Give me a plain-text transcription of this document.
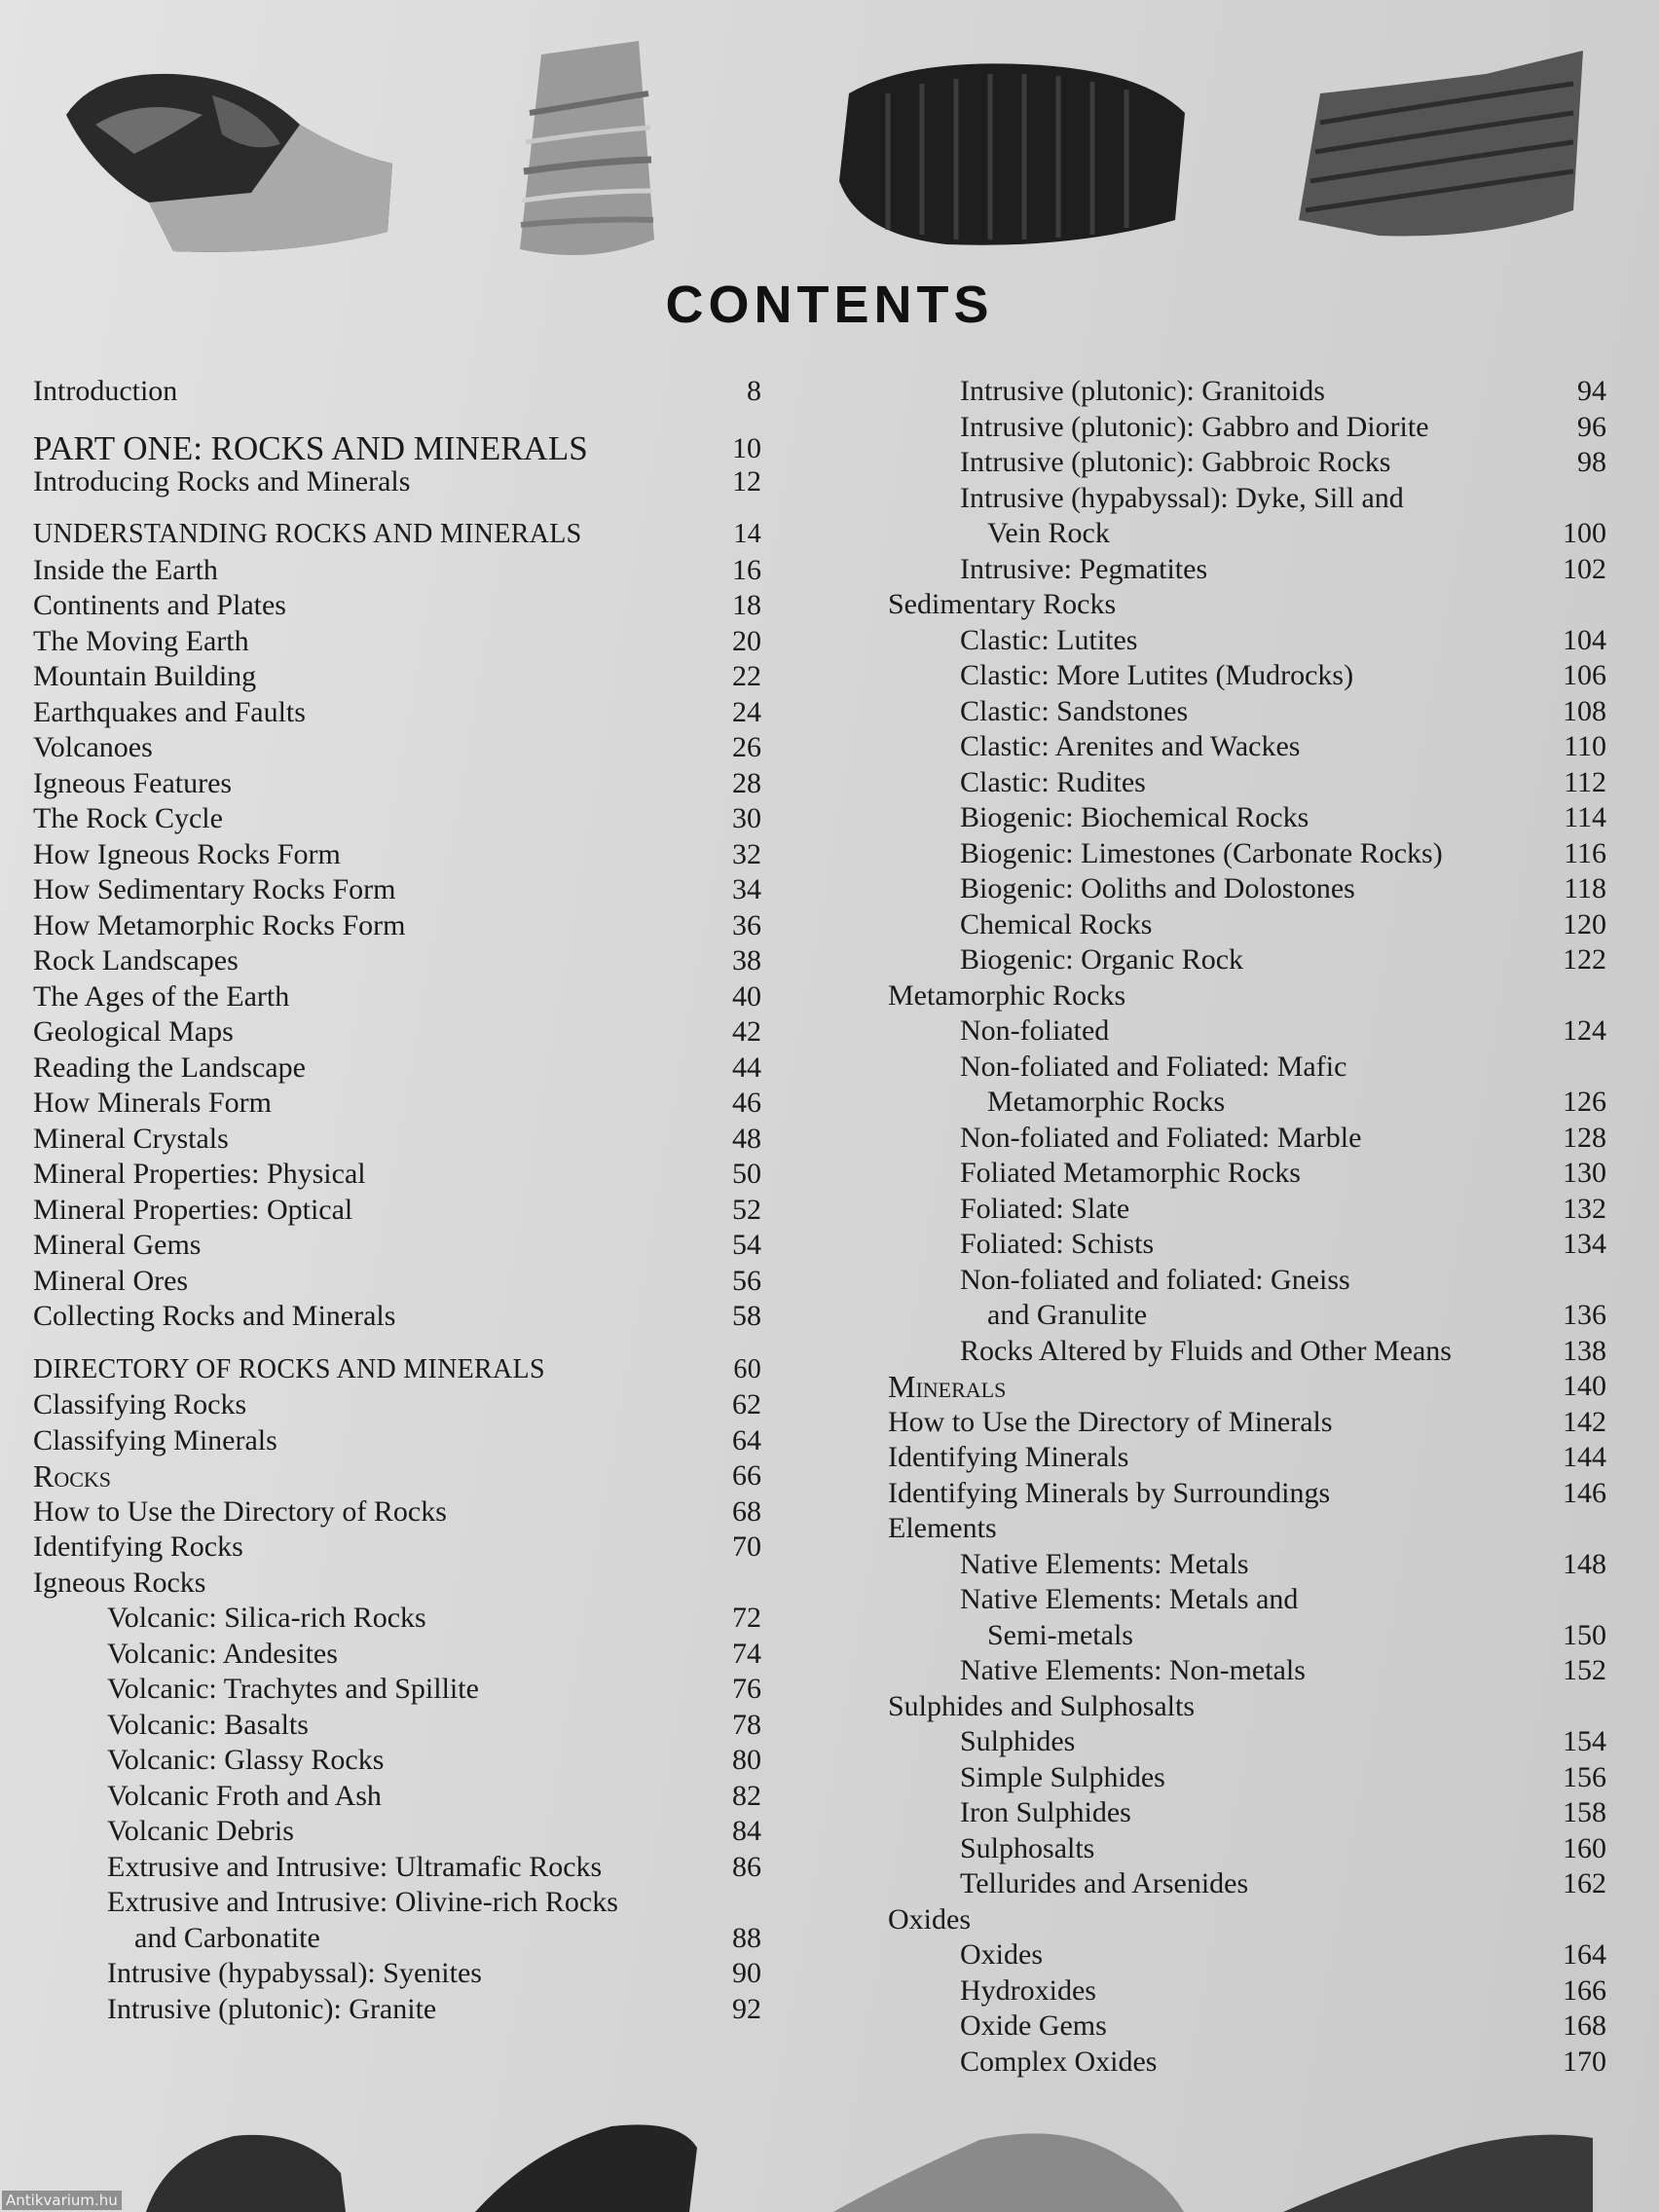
CONTENTS
Introduction	8
PART ONE: ROCKS AND MINERALS	10
Introducing Rocks and Minerals	12
UNDERSTANDING ROCKS AND MINERALS	14
Inside the Earth	16
Continents and Plates	18
The Moving Earth	20
Mountain Building	22
Earthquakes and Faults	24
Volcanoes	26
Igneous Features	28
The Rock Cycle	30
How Igneous Rocks Form	32
How Sedimentary Rocks Form	34
How Metamorphic Rocks Form	36
Rock Landscapes	38
The Ages of the Earth	40
Geological Maps	42
Reading the Landscape	44
How Minerals Form	46
Mineral Crystals	48
Mineral Properties: Physical	50
Mineral Properties: Optical	52
Mineral Gems	54
Mineral Ores	56
Collecting Rocks and Minerals	58
DIRECTORY OF ROCKS AND MINERALS	60
Classifying Rocks	62
Classifying Minerals	64
Rocks	66
How to Use the Directory of Rocks	68
Identifying Rocks	70
Igneous Rocks
Volcanic: Silica-rich Rocks	72
Volcanic: Andesites	74
Volcanic: Trachytes and Spillite	76
Volcanic: Basalts	78
Volcanic: Glassy Rocks	80
Volcanic Froth and Ash	82
Volcanic Debris	84
Extrusive and Intrusive: Ultramafic Rocks	86
Extrusive and Intrusive: Olivine-rich Rocks
and Carbonatite	88
Intrusive (hypabyssal): Syenites	90
Intrusive (plutonic): Granite	92
Intrusive (plutonic): Granitoids	94
Intrusive (plutonic): Gabbro and Diorite	96
Intrusive (plutonic): Gabbroic Rocks	98
Intrusive (hypabyssal): Dyke, Sill and
Vein Rock	100
Intrusive: Pegmatites	102
Sedimentary Rocks
Clastic: Lutites	104
Clastic: More Lutites (Mudrocks)	106
Clastic: Sandstones	108
Clastic: Arenites and Wackes	110
Clastic: Rudites	112
Biogenic: Biochemical Rocks	114
Biogenic: Limestones (Carbonate Rocks)	116
Biogenic: Ooliths and Dolostones	118
Chemical Rocks	120
Biogenic: Organic Rock	122
Metamorphic Rocks
Non-foliated	124
Non-foliated and Foliated: Mafic
Metamorphic Rocks	126
Non-foliated and Foliated: Marble	128
Foliated Metamorphic Rocks	130
Foliated: Slate	132
Foliated: Schists	134
Non-foliated and foliated: Gneiss
and Granulite	136
Rocks Altered by Fluids and Other Means	138
Minerals	140
How to Use the Directory of Minerals	142
Identifying Minerals	144
Identifying Minerals by Surroundings	146
Elements
Native Elements: Metals	148
Native Elements: Metals and
Semi-metals	150
Native Elements: Non-metals	152
Sulphides and Sulphosalts
Sulphides	154
Simple Sulphides	156
Iron Sulphides	158
Sulphosalts	160
Tellurides and Arsenides	162
Oxides
Oxides	164
Hydroxides	166
Oxide Gems	168
Complex Oxides	170
Antikvarium.hu
